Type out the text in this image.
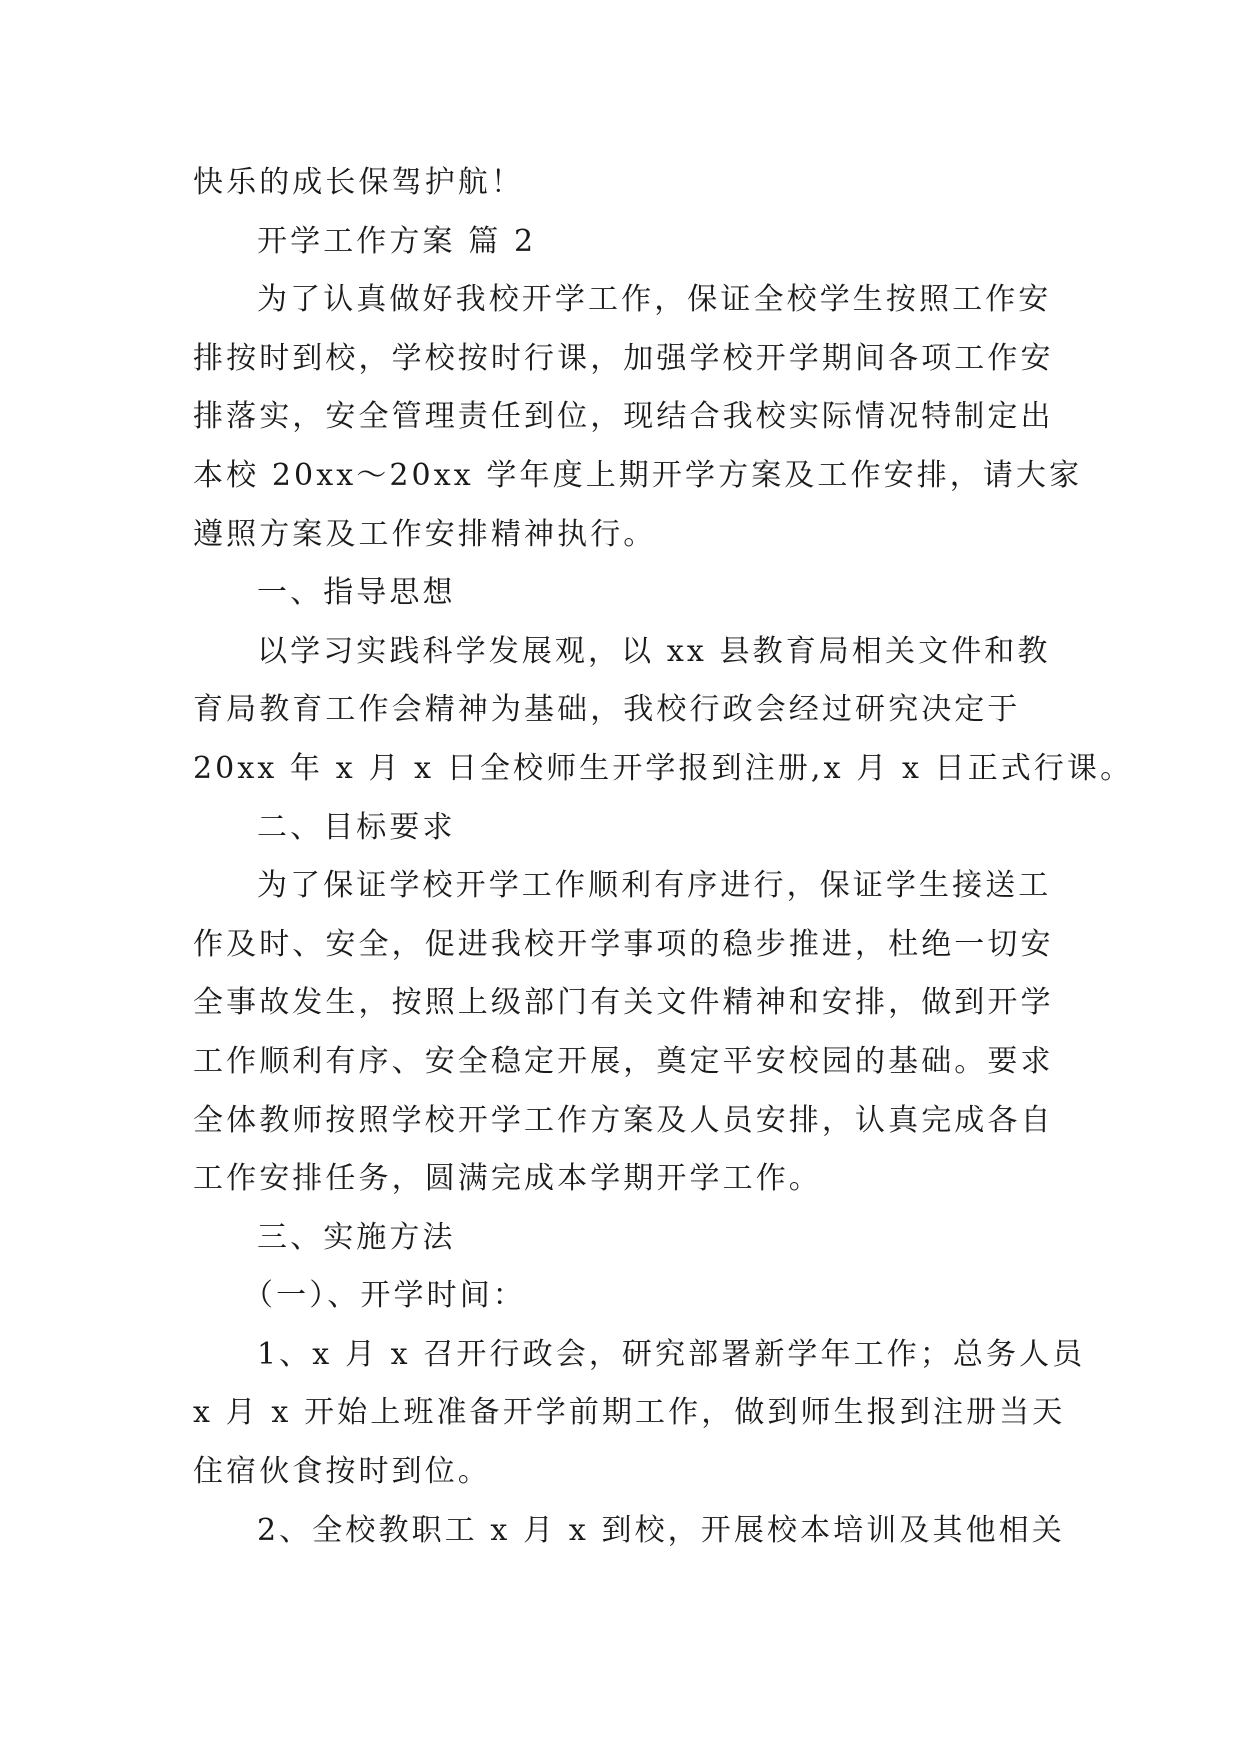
快乐的成长保驾护航！
开学工作方案 篇 2
为了认真做好我校开学工作，保证全校学生按照工作安
排按时到校，学校按时行课，加强学校开学期间各项工作安
排落实，安全管理责任到位，现结合我校实际情况特制定出
本校 20xx～20xx 学年度上期开学方案及工作安排，请大家
遵照方案及工作安排精神执行。
一、指导思想
以学习实践科学发展观，以 xx 县教育局相关文件和教
育局教育工作会精神为基础，我校行政会经过研究决定于
20xx 年 x 月 x 日全校师生开学报到注册,x 月 x 日正式行课。
二、目标要求
为了保证学校开学工作顺利有序进行，保证学生接送工
作及时、安全，促进我校开学事项的稳步推进，杜绝一切安
全事故发生，按照上级部门有关文件精神和安排，做到开学
工作顺利有序、安全稳定开展，奠定平安校园的基础。要求
全体教师按照学校开学工作方案及人员安排，认真完成各自
工作安排任务，圆满完成本学期开学工作。
三、实施方法
（一）、开学时间：
1、x 月 x 召开行政会，研究部署新学年工作；总务人员
x 月 x 开始上班准备开学前期工作，做到师生报到注册当天
住宿伙食按时到位。
2、全校教职工 x 月 x 到校，开展校本培训及其他相关
